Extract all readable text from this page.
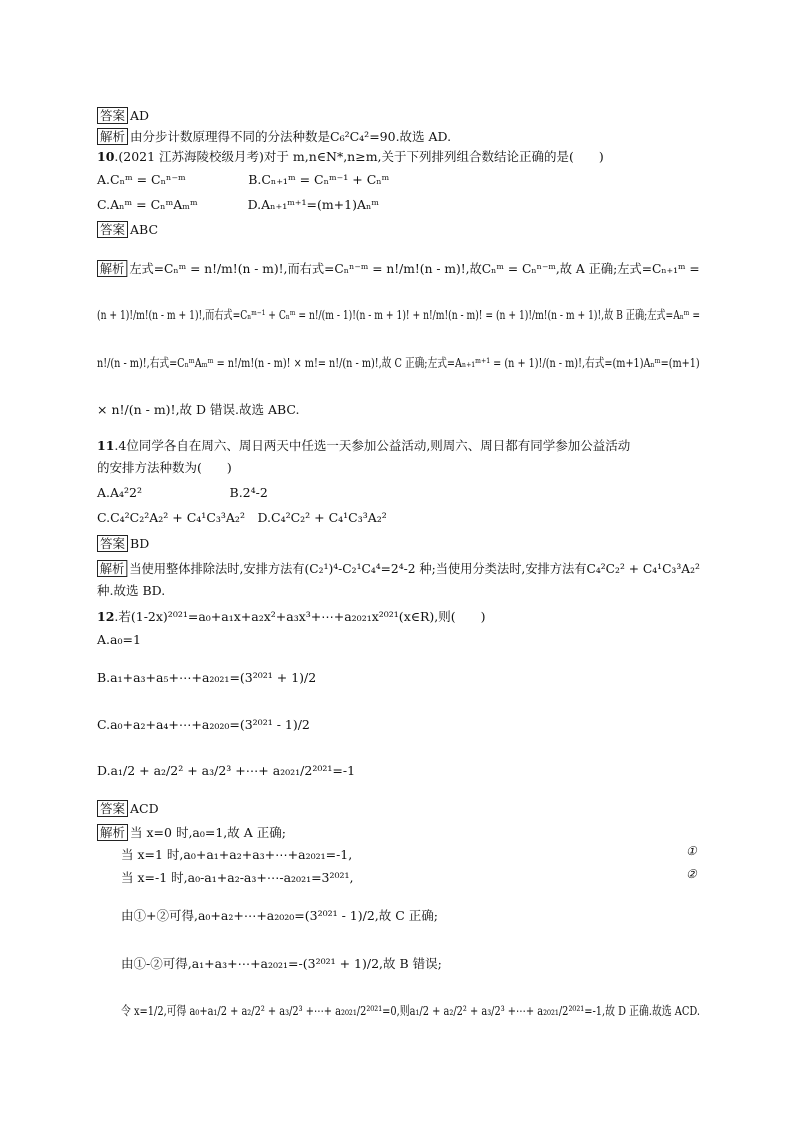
答案 AD
解析 由分步计数原理得不同的分法种数是C₆²C₄²=90.故选 AD.
10.(2021 江苏海陵校级月考)对于 m,n∈N*,n≥m,关于下列排列组合数结论正确的是(　　)
A.Cₙᵐ = Cₙⁿ⁻ᵐ　　　　　B.Cₙ₊₁ᵐ = Cₙᵐ⁻¹ + Cₙᵐ
C.Aₙᵐ = CₙᵐAₘᵐ　　　　D.Aₙ₊₁ᵐ⁺¹=(m+1)Aₙᵐ
答案 ABC
解析 左式=Cₙᵐ = n!/m!(n - m)!,而右式=Cₙⁿ⁻ᵐ = n!/m!(n - m)!,故Cₙᵐ = Cₙⁿ⁻ᵐ,故 A 正确;左式=Cₙ₊₁ᵐ =
(n + 1)!/m!(n - m + 1)!,而右式=Cₙᵐ⁻¹ + Cₙᵐ = n!/(m - 1)!(n - m + 1)! + n!/m!(n - m)! = (n + 1)!/m!(n - m + 1)!,故 B 正确;左式=Aₙᵐ =
n!/(n - m)!,右式=CₙᵐAₘᵐ = n!/m!(n - m)! × m!= n!/(n - m)!,故 C 正确;左式=Aₙ₊₁ᵐ⁺¹ = (n + 1)!/(n - m)!,右式=(m+1)Aₙᵐ=(m+1)
× n!/(n - m)!,故 D 错误.故选 ABC.
11.4位同学各自在周六、周日两天中任选一天参加公益活动,则周六、周日都有同学参加公益活动
的安排方法种数为(　　)
A.A₄²2²　　　　　　　B.2⁴-2
C.C₄²C₂²A₂² + C₄¹C₃³A₂²　D.C₄²C₂² + C₄¹C₃³A₂²
答案 BD
解析 当使用整体排除法时,安排方法有(C₂¹)⁴-C₂¹C₄⁴=2⁴-2 种;当使用分类法时,安排方法有C₄²C₂² + C₄¹C₃³A₂²
种.故选 BD.
12.若(1-2x)²⁰²¹=a₀+a₁x+a₂x²+a₃x³+⋯+a₂₀₂₁x²⁰²¹(x∈R),则(　　)
A.a₀=1
B.a₁+a₃+a₅+⋯+a₂₀₂₁=(3²⁰²¹ + 1)/2
C.a₀+a₂+a₄+⋯+a₂₀₂₀=(3²⁰²¹ - 1)/2
D.a₁/2 + a₂/2² + a₃/2³ +⋯+ a₂₀₂₁/2²⁰²¹=-1
答案 ACD
解析 当 x=0 时,a₀=1,故 A 正确;
当 x=1 时,a₀+a₁+a₂+a₃+⋯+a₂₀₂₁=-1,
当 x=-1 时,a₀-a₁+a₂-a₃+⋯-a₂₀₂₁=3²⁰²¹,
由①+②可得,a₀+a₂+⋯+a₂₀₂₀=(3²⁰²¹ - 1)/2,故 C 正确;
由①-②可得,a₁+a₃+⋯+a₂₀₂₁=-(3²⁰²¹ + 1)/2,故 B 错误;
令 x=1/2,可得 a₀+a₁/2 + a₂/2² + a₃/2³ +⋯+ a₂₀₂₁/2²⁰²¹=0,则a₁/2 + a₂/2² + a₃/2³ +⋯+ a₂₀₂₁/2²⁰²¹=-1,故 D 正确.故选 ACD.
①
②
